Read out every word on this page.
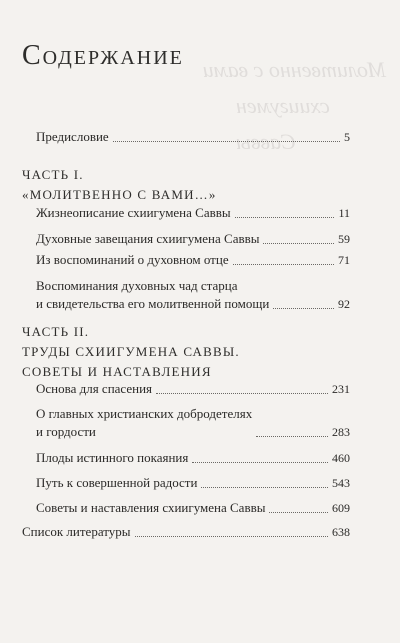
Молитвенно с вами
схиигумен
Саввы
Содержание
Предисловие	5
ЧАСТЬ I.
«МОЛИТВЕННО С ВАМИ…»
Жизнеописание схиигумена Саввы	11
Духовные завещания схиигумена Саввы	59
Из воспоминаний о духовном отце	71
Воспоминания духовных чад старца
и свидетельства его молитвенной помощи	92
ЧАСТЬ II.
ТРУДЫ СХИИГУМЕНА САВВЫ.
СОВЕТЫ И НАСТАВЛЕНИЯ
Основа для спасения	231
О главных христианских добродетелях
и гордости	283
Плоды истинного покаяния	460
Путь к совершенной радости	543
Советы и наставления схиигумена Саввы	609
Список литературы	638
